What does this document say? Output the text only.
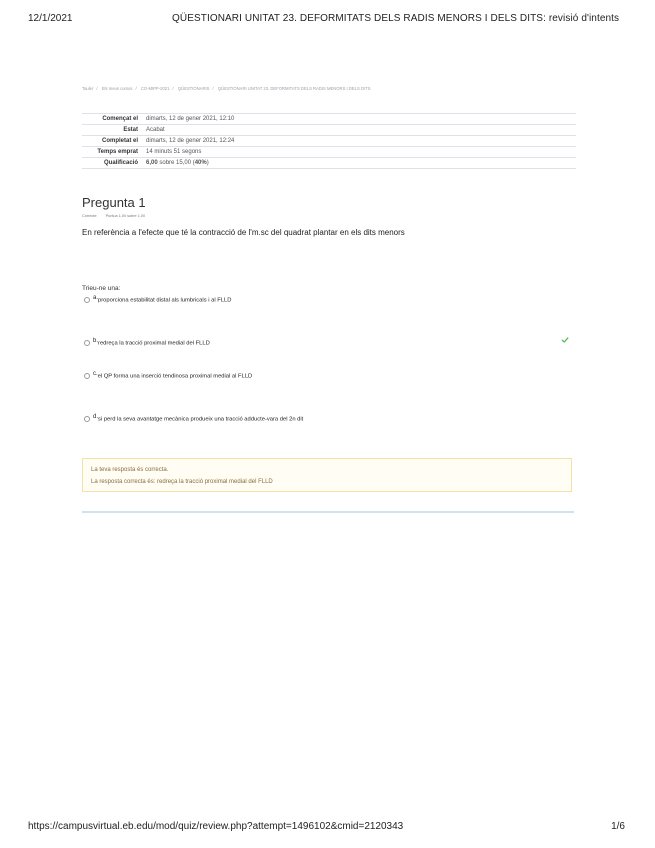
12/1/2021	QÜESTIONARI UNITAT 23. DEFORMITATS DELS RADIS MENORS I DELS DITS: revisió d'intents
Tauler / Els meus cursos / CO-MIPP-2021 / QÜESTIONARIS / QÜESTIONARI UNITAT 23. DEFORMITATS DELS RADIS MENORS I DELS DITS
Començat el	dimarts, 12 de gener 2021, 12:10
Estat	Acabat
Completat el	dimarts, 12 de gener 2021, 12:24
Temps emprat	14 minuts 51 segons
Qualificació	6,00 sobre 15,00 (40%)
Pregunta 1
Correcte Puntua 1,00 sobre 1,00
En referència a l'efecte que té la contracció de l'm.sc del quadrat plantar en els dits menors
Trieu-ne una:
a.proporciona estabilitat distal als lumbricals i al FLLD
b.redreça la tracció proximal medial del FLLD
c.el QP forma una inserció tendinosa proximal medial al FLLD
d.si perd la seva avantatge mecànica produeix una tracció adducte-vara del 2n dit
La teva resposta és correcta.
La resposta correcta és: redreça la tracció proximal medial del FLLD
https://campusvirtual.eb.edu/mod/quiz/review.php?attempt=1496102&cmid=2120343	1/6
